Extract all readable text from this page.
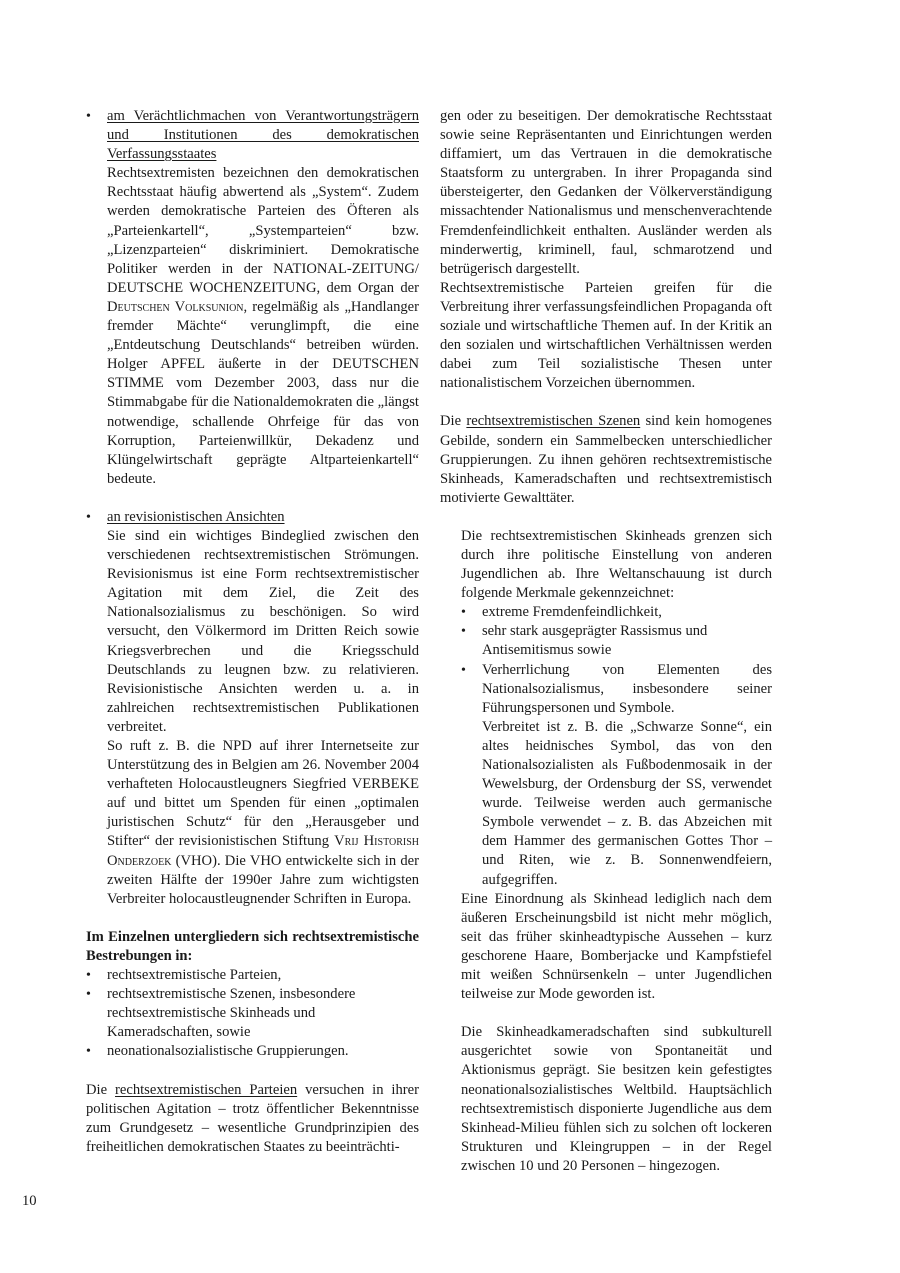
• am Verächtlichmachen von Verantwortungsträgern und Institutionen des demokratischen Verfassungsstaates

Rechtsextremisten bezeichnen den demokratischen Rechtsstaat häufig abwertend als „System“. Zudem werden demokratische Parteien des Öfteren als „Parteienkartell“, „Systemparteien“ bzw. „Lizenzparteien“ diskriminiert. Demokratische Politiker werden in der NATIONAL-ZEITUNG/ DEUTSCHE WOCHENZEITUNG, dem Organ der Deutschen Volksunion, regelmäßig als „Handlanger fremder Mächte“ verunglimpft, die eine „Entdeutschung Deutschlands“ betreiben würden. Holger APFEL äußerte in der DEUTSCHEN STIMME vom Dezember 2003, dass nur die Stimmabgabe für die Nationaldemokraten die „längst notwendige, schallende Ohrfeige für das von Korruption, Parteienwillkür, Dekadenz und Klüngelwirtschaft geprägte Altparteienkartell“ bedeute.

• an revisionistischen Ansichten

Sie sind ein wichtiges Bindeglied zwischen den verschiedenen rechtsextremistischen Strömungen. Revisionismus ist eine Form rechtsextremistischer Agitation mit dem Ziel, die Zeit des Nationalsozialismus zu beschönigen. So wird versucht, den Völkermord im Dritten Reich sowie Kriegsverbrechen und die Kriegsschuld Deutschlands zu leugnen bzw. zu relativieren. Revisionistische Ansichten werden u. a. in zahlreichen rechtsextremistischen Publikationen verbreitet.

So ruft z. B. die NPD auf ihrer Internetseite zur Unterstützung des in Belgien am 26. November 2004 verhafteten Holocaustleugners Siegfried VERBEKE auf und bittet um Spenden für einen „optimalen juristischen Schutz“ für den „Herausgeber und Stifter“ der revisionistischen Stiftung Vrij Historish Onderzoek (VHO). Die VHO entwickelte sich in der zweiten Hälfte der 1990er Jahre zum wichtigsten Verbreiter holocaustleugnender Schriften in Europa.

Im Einzelnen untergliedern sich rechtsextremistische Bestrebungen in:

• rechtsextremistische Parteien,
• rechtsextremistische Szenen, insbesondere rechtsextremistische Skinheads und Kameradschaften, sowie
• neonationalsozialistische Gruppierungen.

Die rechtsextremistischen Parteien versuchen in ihrer politischen Agitation – trotz öffentlicher Bekenntnisse zum Grundgesetz – wesentliche Grundprinzipien des freiheitlichen demokratischen Staates zu beeinträchti-

gen oder zu beseitigen. Der demokratische Rechtsstaat sowie seine Repräsentanten und Einrichtungen werden diffamiert, um das Vertrauen in die demokratische Staatsform zu untergraben. In ihrer Propaganda sind übersteigerter, den Gedanken der Völkerverständigung missachtender Nationalismus und menschenverachtende Fremdenfeindlichkeit enthalten. Ausländer werden als minderwertig, kriminell, faul, schmarotzend und betrügerisch dargestellt.

Rechtsextremistische Parteien greifen für die Verbreitung ihrer verfassungsfeindlichen Propaganda oft soziale und wirtschaftliche Themen auf. In der Kritik an den sozialen und wirtschaftlichen Verhältnissen werden dabei zum Teil sozialistische Thesen unter nationalistischem Vorzeichen übernommen.

Die rechtsextremistischen Szenen sind kein homogenes Gebilde, sondern ein Sammelbecken unterschiedlicher Gruppierungen. Zu ihnen gehören rechtsextremistische Skinheads, Kameradschaften und rechtsextremistisch motivierte Gewalttäter.

Die rechtsextremistischen Skinheads grenzen sich durch ihre politische Einstellung von anderen Jugendlichen ab. Ihre Weltanschauung ist durch folgende Merkmale gekennzeichnet:

• extreme Fremdenfeindlichkeit,
• sehr stark ausgeprägter Rassismus und Antisemitismus sowie

• Verherrlichung von Elementen des Nationalsozialismus, insbesondere seiner Führungspersonen und Symbole.

Verbreitet ist z. B. die „Schwarze Sonne“, ein altes heidnisches Symbol, das von den Nationalsozialisten als Fußbodenmosaik in der Wewelsburg, der Ordensburg der SS, verwendet wurde. Teilweise werden auch germanische Symbole verwendet – z. B. das Abzeichen mit dem Hammer des germanischen Gottes Thor – und Riten, wie z. B. Sonnenwendfeiern, aufgegriffen.

Eine Einordnung als Skinhead lediglich nach dem äußeren Erscheinungsbild ist nicht mehr möglich, seit das früher skinheadtypische Aussehen – kurz geschorene Haare, Bomberjacke und Kampfstiefel mit weißen Schnürsenkeln – unter Jugendlichen teilweise zur Mode geworden ist.

Die Skinheadkameradschaften sind subkulturell ausgerichtet sowie von Spontaneität und Aktionismus geprägt. Sie besitzen kein gefestigtes neonationalsozialistisches Weltbild. Hauptsächlich rechtsextremistisch disponierte Jugendliche aus dem Skinhead-Milieu fühlen sich zu solchen oft lockeren Strukturen und Kleingruppen – in der Regel zwischen 10 und 20 Personen – hingezogen.

10
